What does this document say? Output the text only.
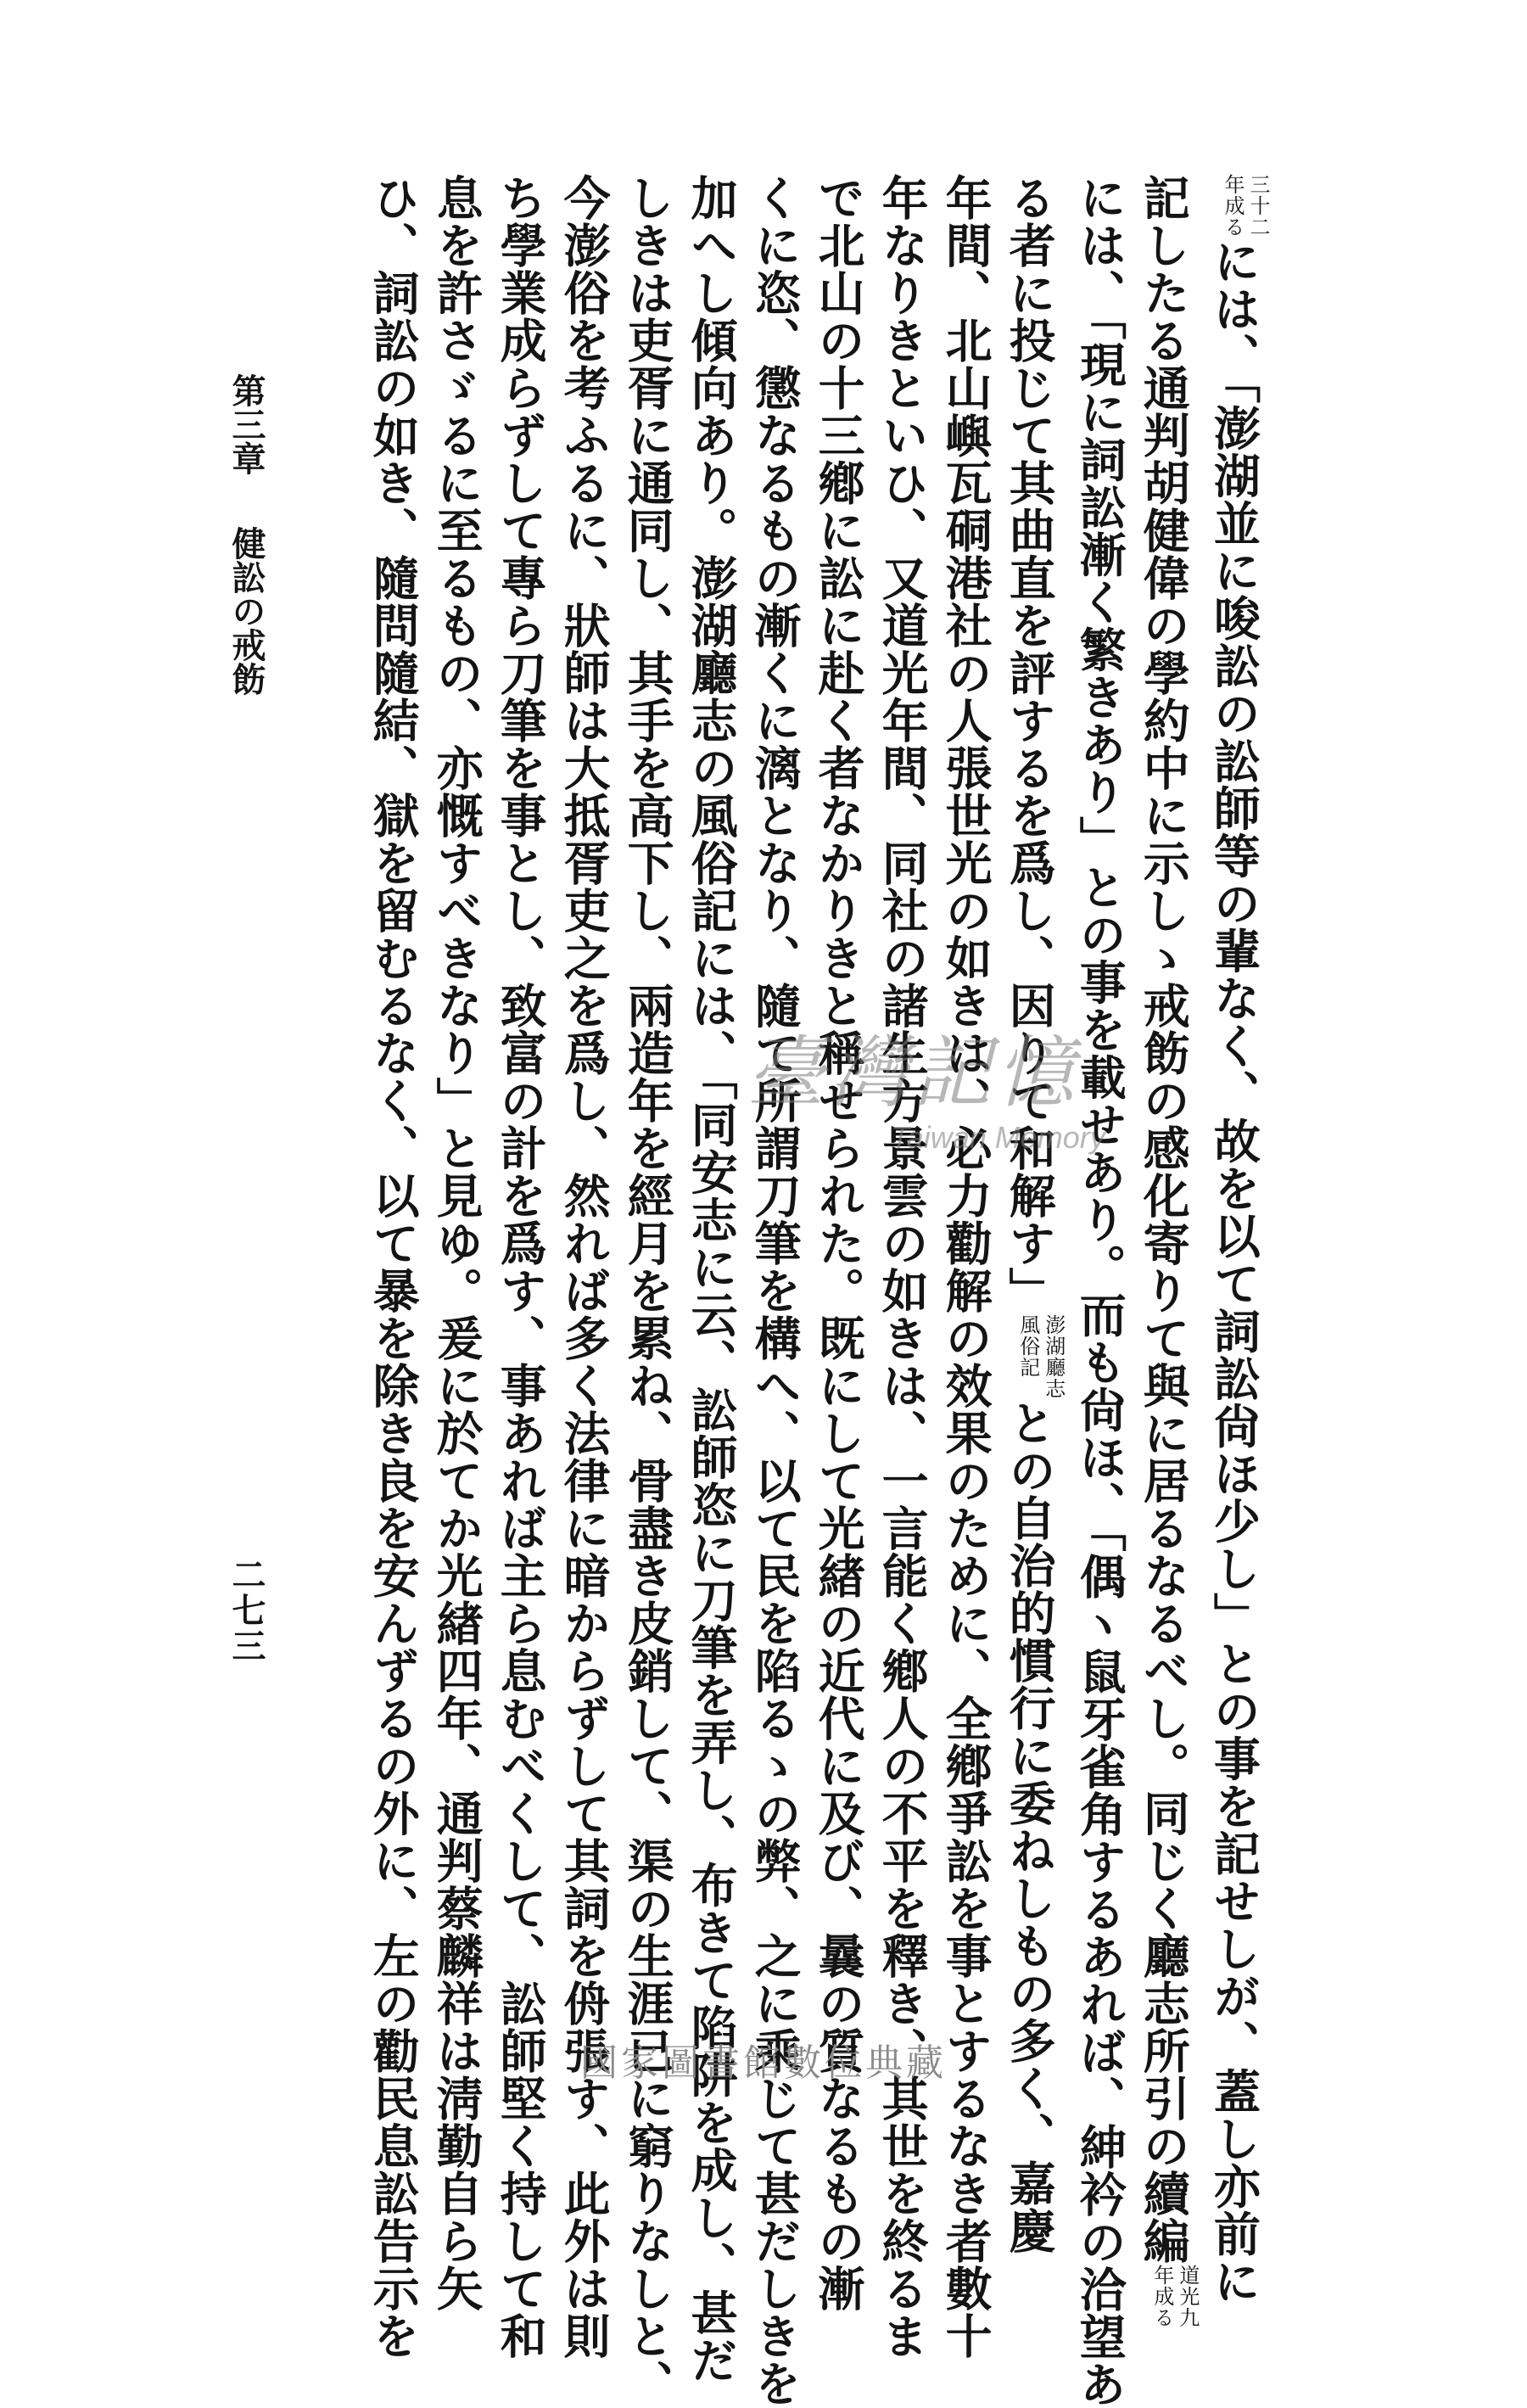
三十二
年成る
には、「澎湖並に唆訟の訟師等の輩なく、故を以て詞訟尙ほ少し」との事を記せしが、蓋し亦前に
記したる通判胡健偉の學約中に示しゝ戒飭の感化寄りて與に居るなるべし。同じく廳志所引の續編
道光九
年成る
には、「現に詞訟漸く繁きあり」との事を載せあり。而も尙ほ、「偶ヽ鼠牙雀角するあれば、紳衿の洽望あ
る者に投じて其曲直を評するを爲し、因りて和解す」
澎湖廳志
風俗記
との自治的慣行に委ねしもの多く、嘉慶
年間、北山嶼瓦硐港社の人張世光の如きは、必力勸解の效果のために、全鄕爭訟を事とするなき者數十
年なりきといひ、又道光年間、同社の諸生方景雲の如きは、一言能く鄕人の不平を釋き、其世を終るま
で北山の十三鄕に訟に赴く者なかりきと稱せられた。既にして光緖の近代に及び、曩の質なるもの漸
くに恣、懲なるもの漸くに漓となり、隨て所謂刀筆を構へ、以て民を陷るゝの弊、之に乘じて甚だしきを
加へし傾向あり。澎湖廳志の風俗記には、「同安志に云、訟師恣に刀筆を弄し、布きて陷阱を成し、甚だ
しきは吏胥に通同し、其手を高下し、兩造年を經月を累ね、骨盡き皮銷して、渠の生涯已に窮りなしと、
今澎俗を考ふるに、狀師は大抵胥吏之を爲し、然れば多く法律に暗からずして其詞を侜張す、此外は則
ち學業成らずして專ら刀筆を事とし、致富の計を爲す、事あれば主ら息むべくして、訟師堅く持して和
息を許さゞるに至るもの、亦慨すべきなり」と見ゆ。爰に於てか光緖四年、通判蔡麟祥は淸勤自ら矢
ひ、詞訟の如き、隨問隨結、獄を留むるなく、以て暴を除き良を安んずるの外に、左の勸民息訟告示を
第三章健訟の戒飭
二七三
臺灣記憶
Taiwan Memory
國家圖書館數位典藏
